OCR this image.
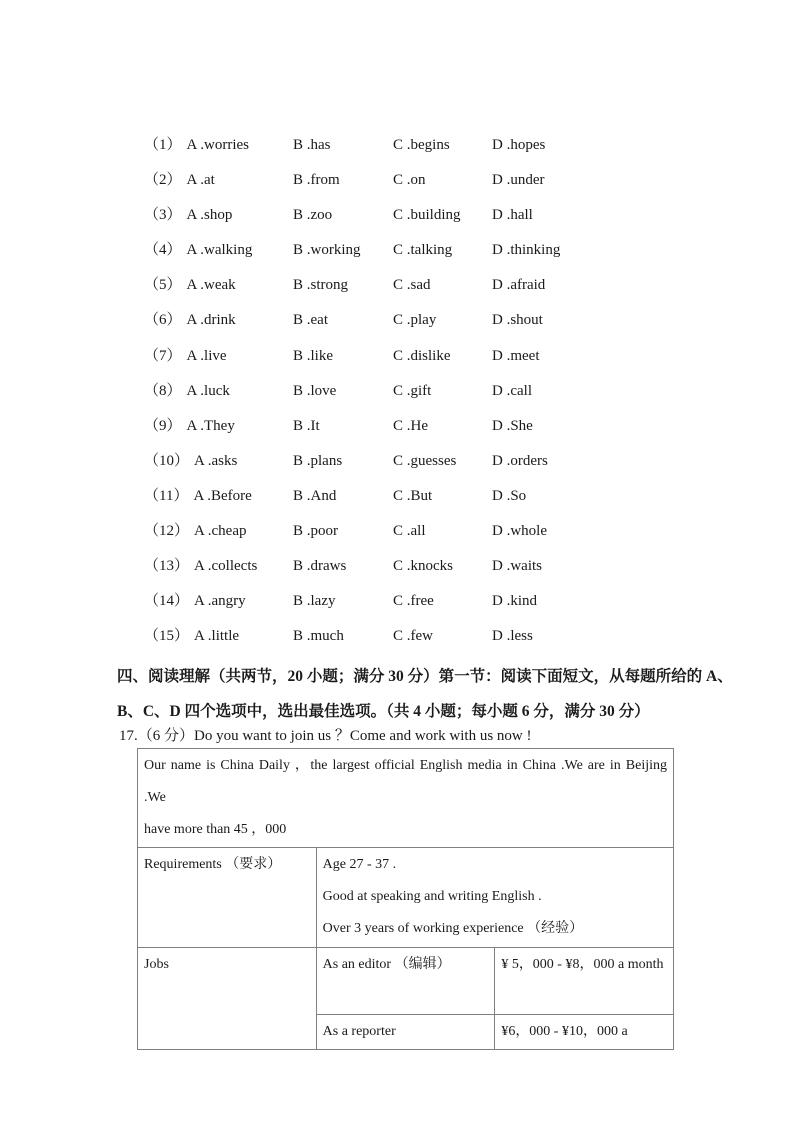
（1） A .worries	B .has	C .begins	D .hopes
（2） A .at	B .from	C .on	D .under
（3） A .shop	B .zoo	C .building	D .hall
（4） A .walking	B .working	C .talking	D .thinking
（5） A .weak	B .strong	C .sad	D .afraid
（6） A .drink	B .eat	C .play	D .shout
（7） A .live	B .like	C .dislike	D .meet
（8） A .luck	B .love	C .gift	D .call
（9） A .They	B .It	C .He	D .She
（10） A .asks	B .plans	C .guesses	D .orders
（11） A .Before	B .And	C .But	D .So
（12） A .cheap	B .poor	C .all	D .whole
（13） A .collects	B .draws	C .knocks	D .waits
（14） A .angry	B .lazy	C .free	D .kind
（15） A .little	B .much	C .few	D .less
四、阅读理解（共两节，20 小题；满分 30 分）第一节：阅读下面短文，从每题所给的 A、
B、C、D 四个选项中，选出最佳选项。（共 4 小题；每小题 6 分，满分 30 分）
17.（6 分）Do you want to join us ？Come and work with us now !
Our name is China Daily ，the largest official English media in China .We are in Beijing .We
have more than 45 ，000		

Requirements （要求）	Age 27 - 37 .
Good at speaking and writing English .
Over 3 years of working experience （经验）	

Jobs	As an editor （编辑）	¥ 5，000 - ¥8，000 a month
	As a reporter	¥6，000 - ¥10，000 a
